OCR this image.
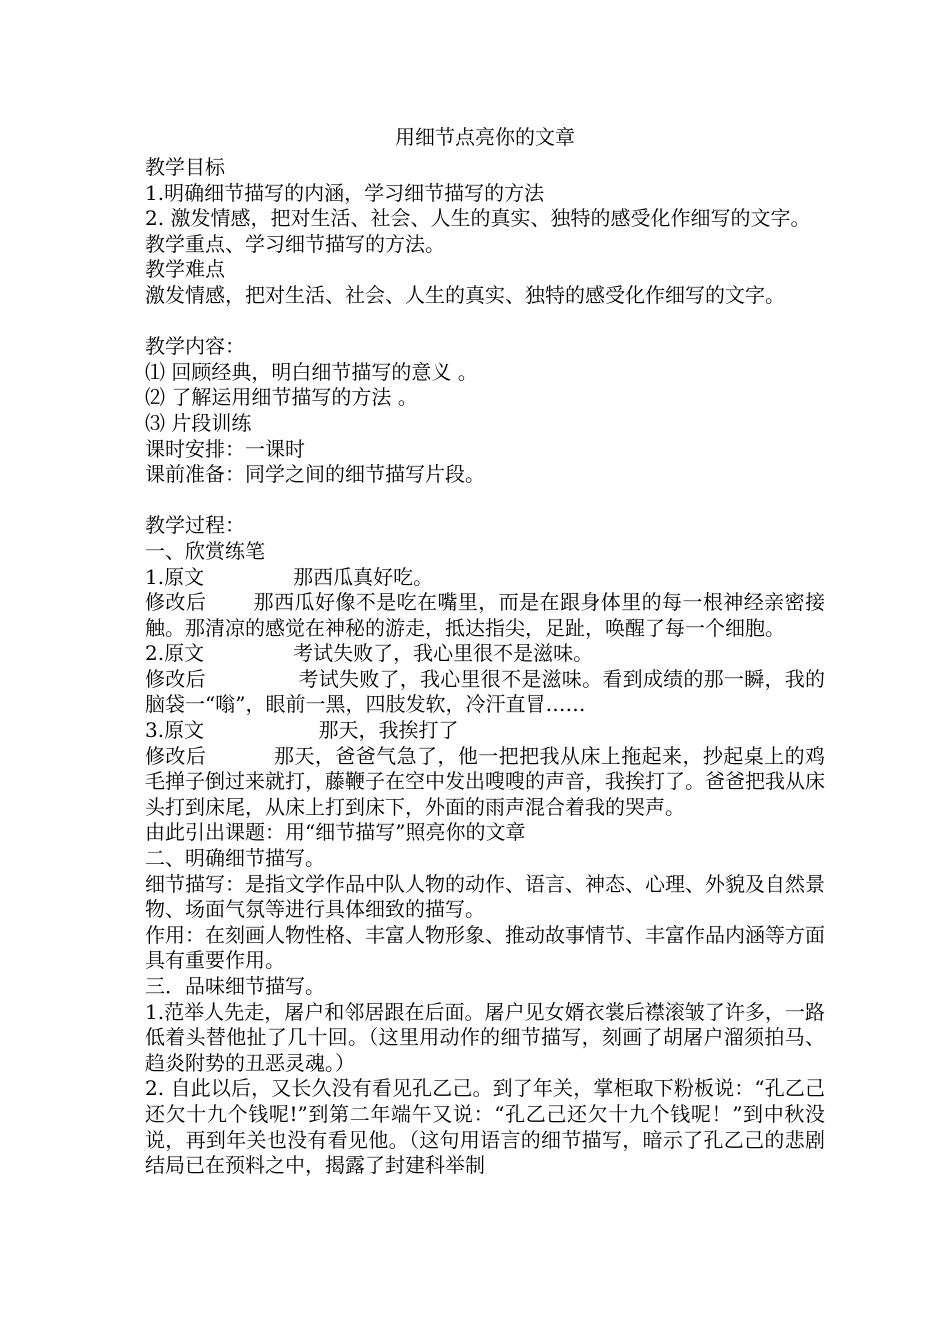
用细节点亮你的文章

教学目标

1.明确细节描写的内涵，学习细节描写的方法

2. 激发情感，把对生活、社会、人生的真实、独特的感受化作细写的文字。

教学重点、学习细节描写的方法。

教学难点

激发情感，把对生活、社会、人生的真实、独特的感受化作细写的文字。

教学内容：

⑴ 回顾经典，明白细节描写的意义 。

⑵ 了解运用细节描写的方法 。

⑶ 片段训练

课时安排：一课时

课前准备：同学之间的细节描写片段。

教学过程：

一、欣赏练笔

1.原文              那西瓜真好吃。

修改后       那西瓜好像不是吃在嘴里，而是在跟身体里的每一根神经亲密接触。那清凉的感觉在神秘的游走，抵达指尖，足趾，唤醒了每一个细胞。

2.原文              考试失败了，我心里很不是滋味。

修改后              考试失败了，我心里很不是滋味。看到成绩的那一瞬，我的脑袋一“嗡”，眼前一黑，四肢发软，冷汗直冒……

3.原文                  那天，我挨打了

修改后          那天，爸爸气急了，他一把把我从床上拖起来，抄起桌上的鸡毛掸子倒过来就打，藤鞭子在空中发出嗖嗖的声音，我挨打了。爸爸把我从床头打到床尾，从床上打到床下，外面的雨声混合着我的哭声。

由此引出课题：用“细节描写”照亮你的文章

二、明确细节描写。

细节描写：是指文学作品中队人物的动作、语言、神态、心理、外貌及自然景物、场面气氛等进行具体细致的描写。

作用：在刻画人物性格、丰富人物形象、推动故事情节、丰富作品内涵等方面具有重要作用。

三．品味细节描写。

1.范举人先走，屠户和邻居跟在后面。屠户见女婿衣裳后襟滚皱了许多，一路低着头替他扯了几十回。（这里用动作的细节描写，刻画了胡屠户溜须拍马、趋炎附势的丑恶灵魂。）

2. 自此以后，又长久没有看见孔乙己。到了年关，掌柜取下粉板说：“孔乙己还欠十九个钱呢!”到第二年端午又说：“孔乙己还欠十九个钱呢！”到中秋没说，再到年关也没有看见他。（这句用语言的细节描写，暗示了孔乙己的悲剧结局已在预料之中，揭露了封建科举制
